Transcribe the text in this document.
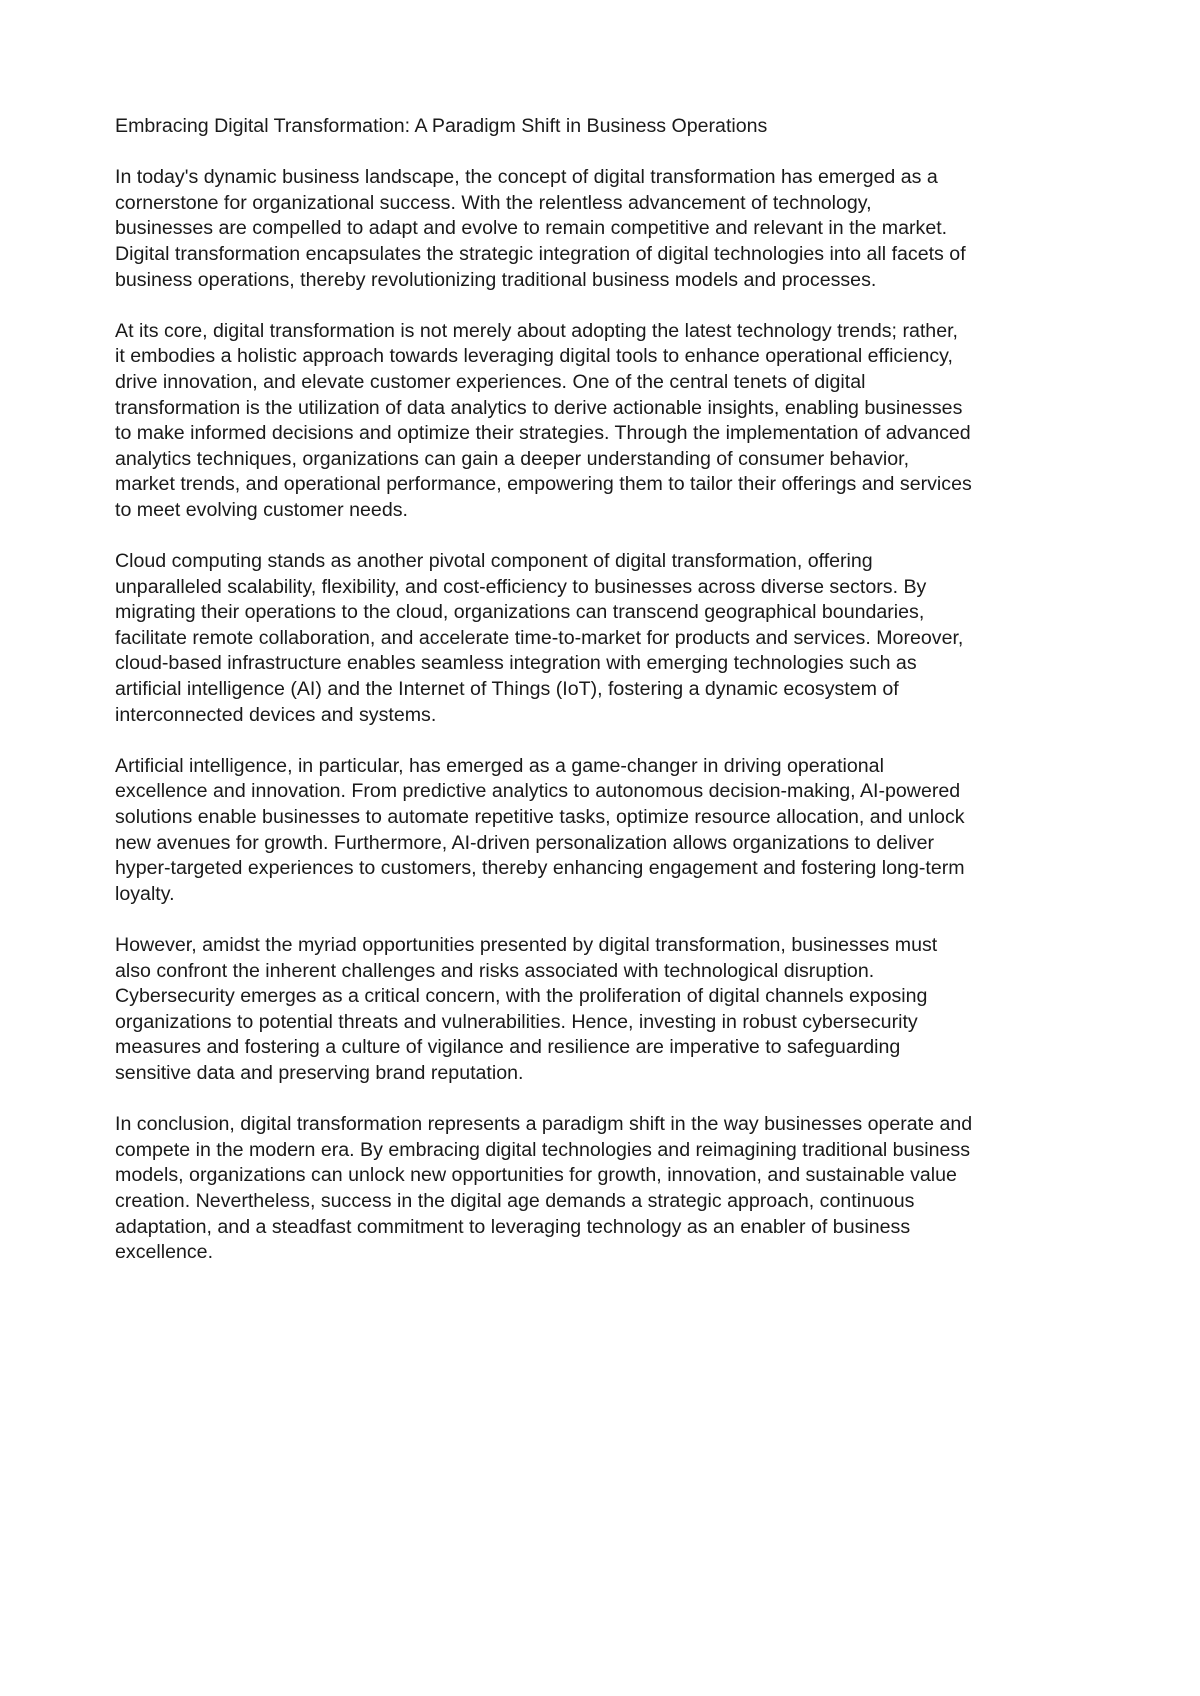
Embracing Digital Transformation: A Paradigm Shift in Business Operations

In today's dynamic business landscape, the concept of digital transformation has emerged as a
cornerstone for organizational success. With the relentless advancement of technology,
businesses are compelled to adapt and evolve to remain competitive and relevant in the market.
Digital transformation encapsulates the strategic integration of digital technologies into all facets of
business operations, thereby revolutionizing traditional business models and processes.

At its core, digital transformation is not merely about adopting the latest technology trends; rather,
it embodies a holistic approach towards leveraging digital tools to enhance operational efficiency,
drive innovation, and elevate customer experiences. One of the central tenets of digital
transformation is the utilization of data analytics to derive actionable insights, enabling businesses
to make informed decisions and optimize their strategies. Through the implementation of advanced
analytics techniques, organizations can gain a deeper understanding of consumer behavior,
market trends, and operational performance, empowering them to tailor their offerings and services
to meet evolving customer needs.

Cloud computing stands as another pivotal component of digital transformation, offering
unparalleled scalability, flexibility, and cost-efficiency to businesses across diverse sectors. By
migrating their operations to the cloud, organizations can transcend geographical boundaries,
facilitate remote collaboration, and accelerate time-to-market for products and services. Moreover,
cloud-based infrastructure enables seamless integration with emerging technologies such as
artificial intelligence (AI) and the Internet of Things (IoT), fostering a dynamic ecosystem of
interconnected devices and systems.

Artificial intelligence, in particular, has emerged as a game-changer in driving operational
excellence and innovation. From predictive analytics to autonomous decision-making, AI-powered
solutions enable businesses to automate repetitive tasks, optimize resource allocation, and unlock
new avenues for growth. Furthermore, AI-driven personalization allows organizations to deliver
hyper-targeted experiences to customers, thereby enhancing engagement and fostering long-term
loyalty.

However, amidst the myriad opportunities presented by digital transformation, businesses must
also confront the inherent challenges and risks associated with technological disruption.
Cybersecurity emerges as a critical concern, with the proliferation of digital channels exposing
organizations to potential threats and vulnerabilities. Hence, investing in robust cybersecurity
measures and fostering a culture of vigilance and resilience are imperative to safeguarding
sensitive data and preserving brand reputation.

In conclusion, digital transformation represents a paradigm shift in the way businesses operate and
compete in the modern era. By embracing digital technologies and reimagining traditional business
models, organizations can unlock new opportunities for growth, innovation, and sustainable value
creation. Nevertheless, success in the digital age demands a strategic approach, continuous
adaptation, and a steadfast commitment to leveraging technology as an enabler of business
excellence.
